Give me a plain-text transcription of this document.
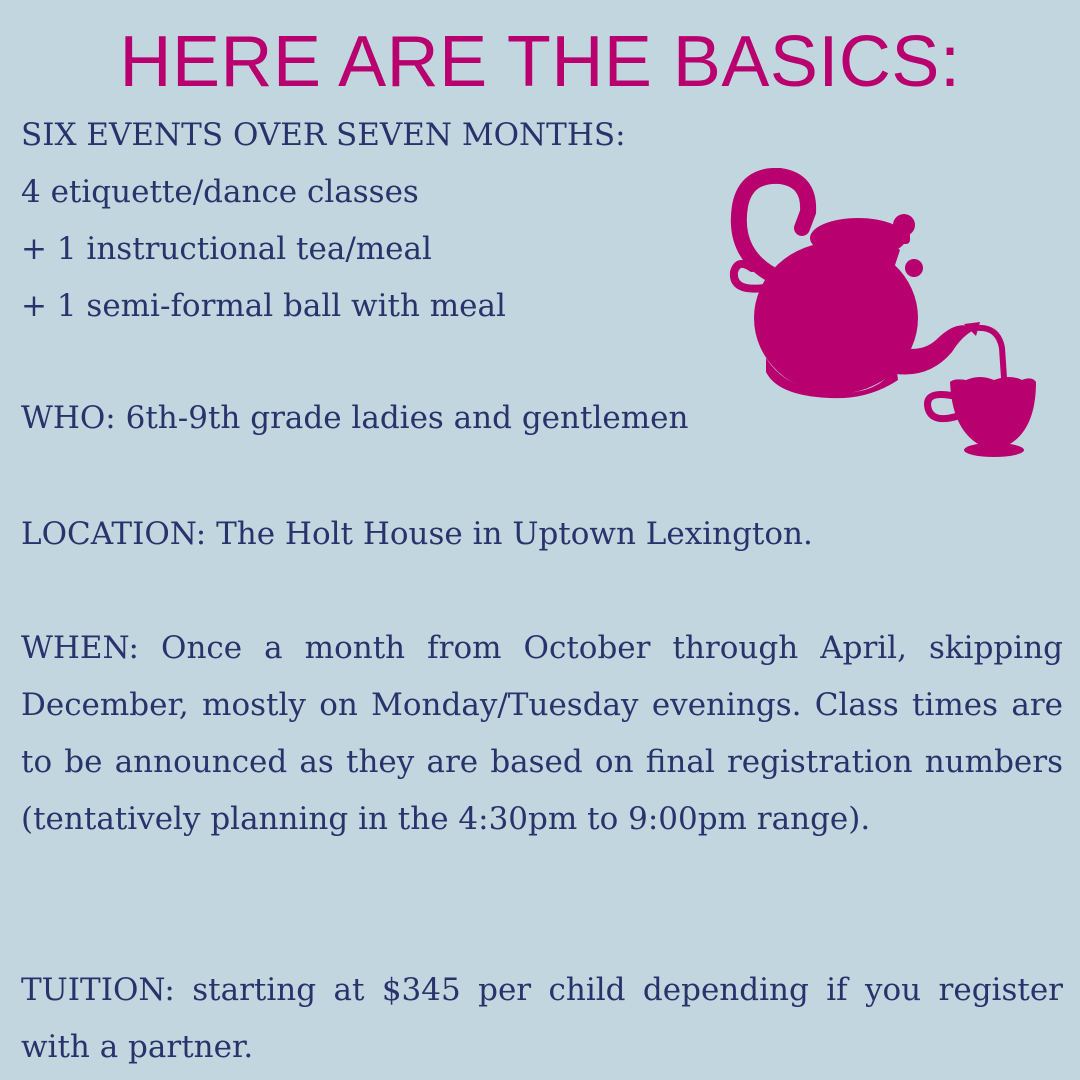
HERE ARE THE BASICS:
SIX EVENTS OVER SEVEN MONTHS:
4 etiquette/dance classes
+ 1 instructional tea/meal
+ 1 semi-formal ball with meal
WHO: 6th-9th grade ladies and gentlemen
LOCATION: The Holt House in Uptown Lexington.
WHEN: Once a month from October through April, skipping December, mostly on Monday/Tuesday evenings. Class times are to be announced as they are based on final registration numbers (tentatively planning in the 4:30pm to 9:00pm range).
TUITION: starting at $345 per child depending if you register with a partner.
